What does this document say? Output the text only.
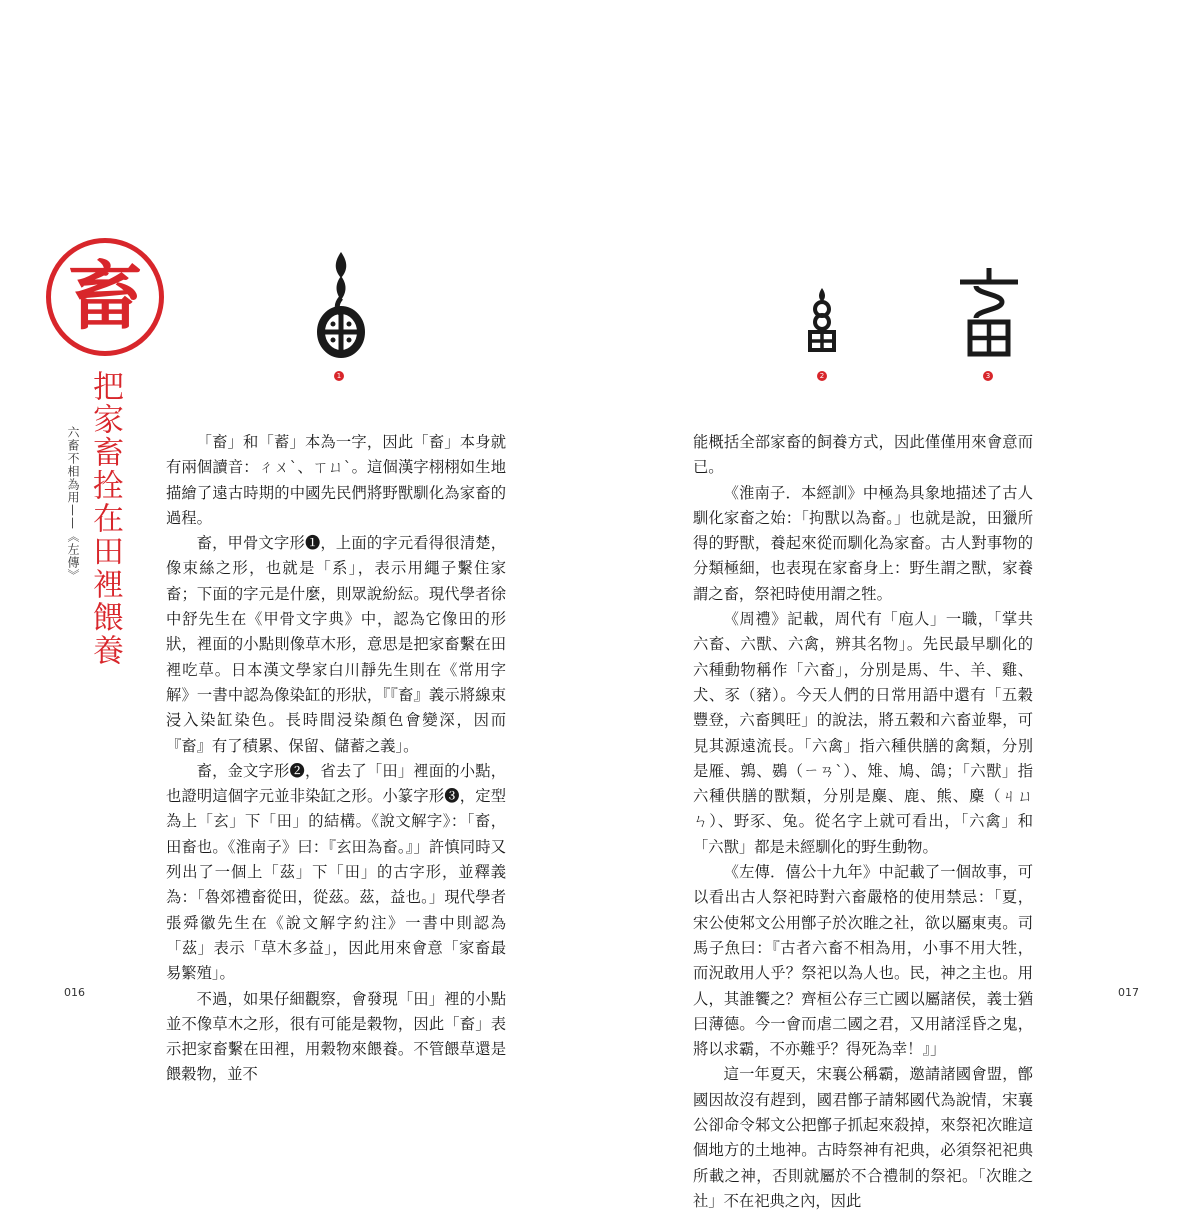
畜
把家畜拴在田裡餵養
六畜不相為用——《左傳》
1

「畜」和「蓄」本為一字，因此「畜」本身就有兩個讀音：ㄔㄨˋ、ㄒㄩˋ。這個漢字栩栩如生地描繪了遠古時期的中國先民們將野獸馴化為家畜的過程。

畜，甲骨文字形❶，上面的字元看得很清楚，像束絲之形，也就是「系」，表示用繩子繫住家畜；下面的字元是什麼，則眾說紛紜。現代學者徐中舒先生在《甲骨文字典》中，認為它像田的形狀，裡面的小點則像草木形，意思是把家畜繫在田裡吃草。日本漢文學家白川靜先生則在《常用字解》一書中認為像染缸的形狀，『『畜』義示將線束浸入染缸染色。長時間浸染顏色會變深，因而『畜』有了積累、保留、儲蓄之義」。

畜，金文字形❷，省去了「田」裡面的小點，也證明這個字元並非染缸之形。小篆字形❸，定型為上「玄」下「田」的結構。《說文解字》：「畜，田畜也。《淮南子》曰：『玄田為畜。』」許慎同時又列出了一個上「茲」下「田」的古字形，並釋義為：「魯郊禮畜從田，從茲。茲，益也。」現代學者張舜徽先生在《說文解字約注》一書中則認為「茲」表示「草木多益」，因此用來會意「家畜最易繁殖」。

不過，如果仔細觀察，會發現「田」裡的小點並不像草木之形，很有可能是穀物，因此「畜」表示把家畜繫在田裡，用穀物來餵養。不管餵草還是餵穀物，並不

016
2	3

能概括全部家畜的飼養方式，因此僅僅用來會意而已。

《淮南子．本經訓》中極為具象地描述了古人馴化家畜之始：「拘獸以為畜。」也就是說，田獵所得的野獸，養起來從而馴化為家畜。古人對事物的分類極細，也表現在家畜身上：野生謂之獸，家養謂之畜，祭祀時使用謂之牲。

《周禮》記載，周代有「庖人」一職，「掌共六畜、六獸、六禽，辨其名物」。先民最早馴化的六種動物稱作「六畜」，分別是馬、牛、羊、雞、犬、豕（豬）。今天人們的日常用語中還有「五穀豐登，六畜興旺」的說法，將五穀和六畜並舉，可見其源遠流長。「六禽」指六種供膳的禽類，分別是雁、鶉、鷃（ㄧㄢˋ）、雉、鳩、鴿；「六獸」指六種供膳的獸類，分別是麋、鹿、熊、麇（ㄐㄩㄣ）、野豕、兔。從名字上就可看出，「六禽」和「六獸」都是未經馴化的野生動物。

《左傳．僖公十九年》中記載了一個故事，可以看出古人祭祀時對六畜嚴格的使用禁忌：「夏，宋公使邾文公用鄫子於次睢之社，欲以屬東夷。司馬子魚曰：『古者六畜不相為用，小事不用大牲，而況敢用人乎？祭祀以為人也。民，神之主也。用人，其誰饗之？齊桓公存三亡國以屬諸侯，義士猶曰薄德。今一會而虐二國之君，又用諸淫昏之鬼，將以求霸，不亦難乎？得死為幸！』」

這一年夏天，宋襄公稱霸，邀請諸國會盟，鄫國因故沒有趕到，國君鄫子請邾國代為說情，宋襄公卻命令邾文公把鄫子抓起來殺掉，來祭祀次睢這個地方的土地神。古時祭神有祀典，必須祭祀祀典所載之神，否則就屬於不合禮制的祭祀。「次睢之社」不在祀典之內，因此

017
